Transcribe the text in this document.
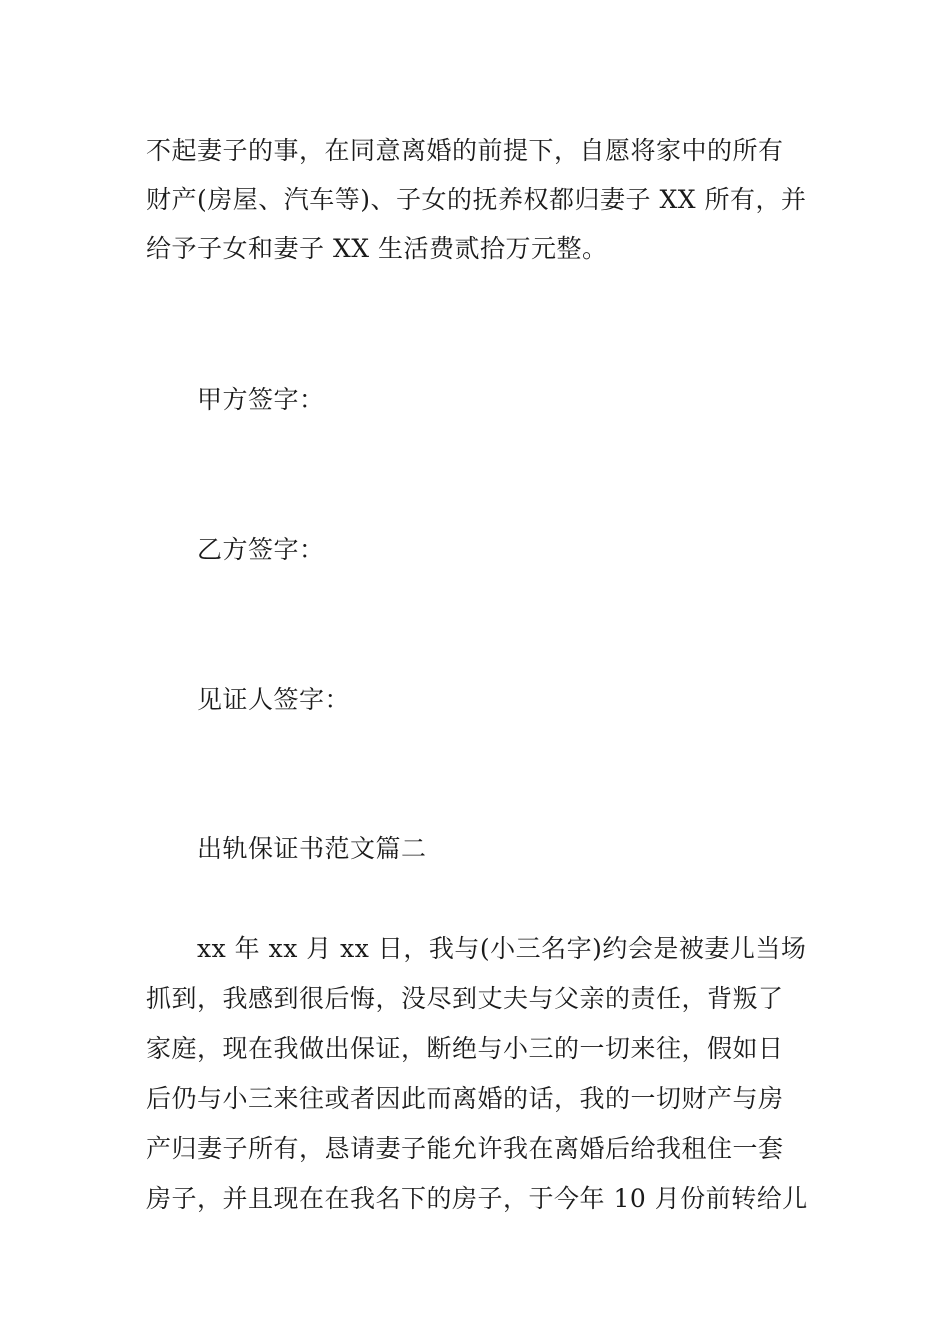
不起妻子的事，在同意离婚的前提下，自愿将家中的所有
财产(房屋、汽车等)、子女的抚养权都归妻子 XX 所有，并
给予子女和妻子 XX 生活费贰拾万元整。
甲方签字：
乙方签字：
见证人签字：
出轨保证书范文篇二
xx 年 xx 月 xx 日，我与(小三名字)约会是被妻儿当场
抓到，我感到很后悔，没尽到丈夫与父亲的责任，背叛了
家庭，现在我做出保证，断绝与小三的一切来往，假如日
后仍与小三来往或者因此而离婚的话，我的一切财产与房
产归妻子所有，恳请妻子能允许我在离婚后给我租住一套
房子，并且现在在我名下的房子，于今年 10 月份前转给儿
